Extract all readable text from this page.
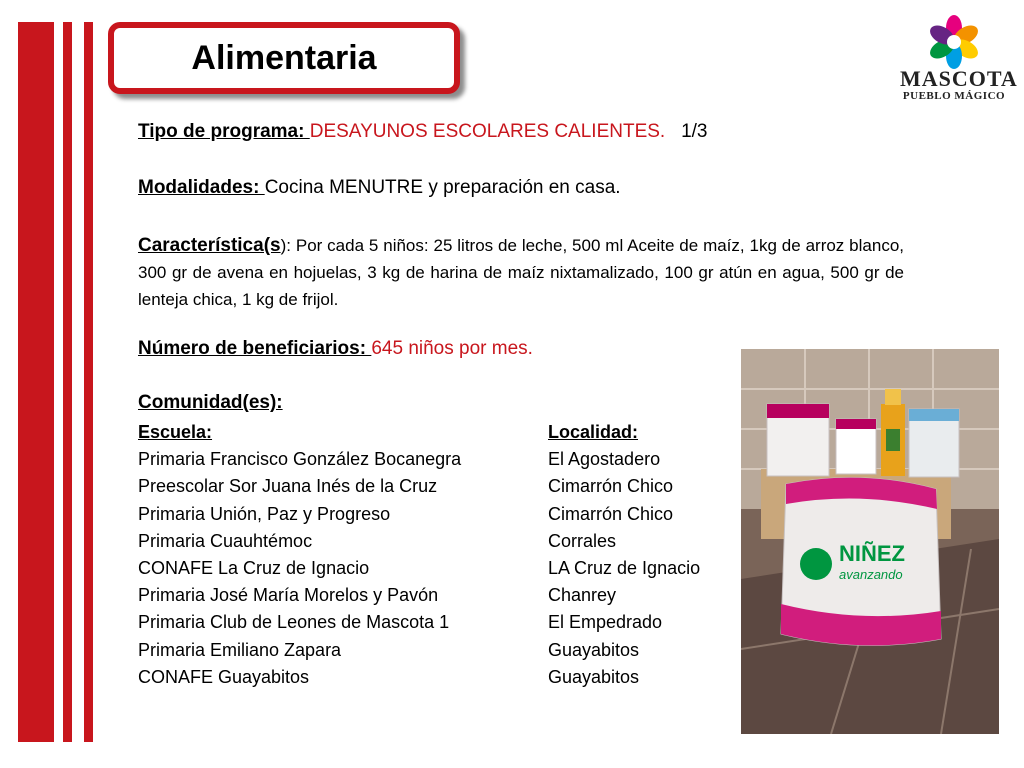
Alimentaria
MASCOTA
PUEBLO MÁGICO

Tipo de programa: DESAYUNOS ESCOLARES CALIENTES. 1/3

Modalidades: Cocina MENUTRE y preparación en casa.

Característica(s): Por cada 5 niños: 25 litros de leche, 500 ml Aceite de maíz, 1kg de arroz blanco, 300 gr de avena en hojuelas, 3 kg de harina de maíz nixtamalizado, 100 gr atún en agua, 500 gr de lenteja chica, 1 kg de frijol.

Número de beneficiarios: 645 niños por mes.

Comunidad(es):

Escuela:	Localidad:
Primaria Francisco González Bocanegra	El Agostadero
Preescolar Sor Juana Inés de la Cruz	Cimarrón Chico
Primaria Unión, Paz y Progreso	Cimarrón Chico
Primaria Cuauhtémoc	Corrales
CONAFE La Cruz de Ignacio	LA Cruz de Ignacio
Primaria José María Morelos y Pavón	Chanrey
Primaria Club de Leones de Mascota 1	El Empedrado
Primaria Emiliano Zapara	Guayabitos
CONAFE Guayabitos	Guayabitos
NIÑEZ
avanzando
